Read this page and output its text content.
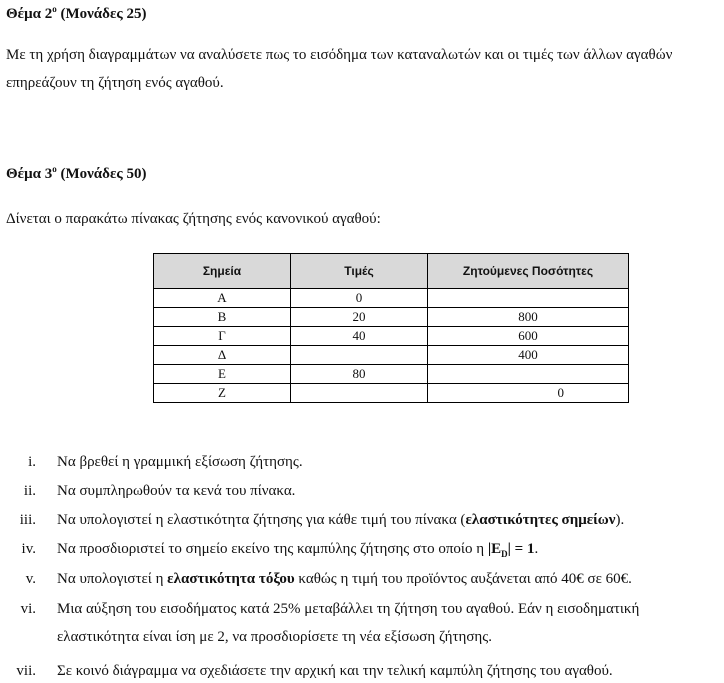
Θέμα $2^o$ (Μονάδες 25)
Με τη χρήση διαγραμμάτων να αναλύσετε πως το εισόδημα των καταναλωτών και οι τιμές των άλλων αγαθών επηρεάζουν τη ζήτηση ενός αγαθού.
Θέμα $3^o$ (Μονάδες 50)
Δίνεται ο παρακάτω πίνακας ζήτησης ενός κανονικού αγαθού:
Σημεία	Τιμές	Ζητούμενες Ποσότητες
Α	0	
Β	20	800
Γ	40	600
Δ		400
Ε	80	
Ζ		0
i. Να βρεθεί η γραμμική εξίσωση ζήτησης.
ii. Να συμπληρωθούν τα κενά του πίνακα.
iii. Να υπολογιστεί η ελαστικότητα ζήτησης για κάθε τιμή του πίνακα (ελαστικότητες σημείων).
iv. Να προσδιοριστεί το σημείο εκείνο της καμπύλης ζήτησης στο οποίο η $|E_D| = 1$.
v. Να υπολογιστεί η ελαστικότητα τόξου καθώς η τιμή του προϊόντος αυξάνεται από 40€ σε 60€.
vi. Μια αύξηση του εισοδήματος κατά 25% μεταβάλλει τη ζήτηση του αγαθού. Εάν η εισοδηματική ελαστικότητα είναι ίση με 2, να προσδιορίσετε τη νέα εξίσωση ζήτησης.
vii. Σε κοινό διάγραμμα να σχεδιάσετε την αρχική και την τελική καμπύλη ζήτησης του αγαθού.
